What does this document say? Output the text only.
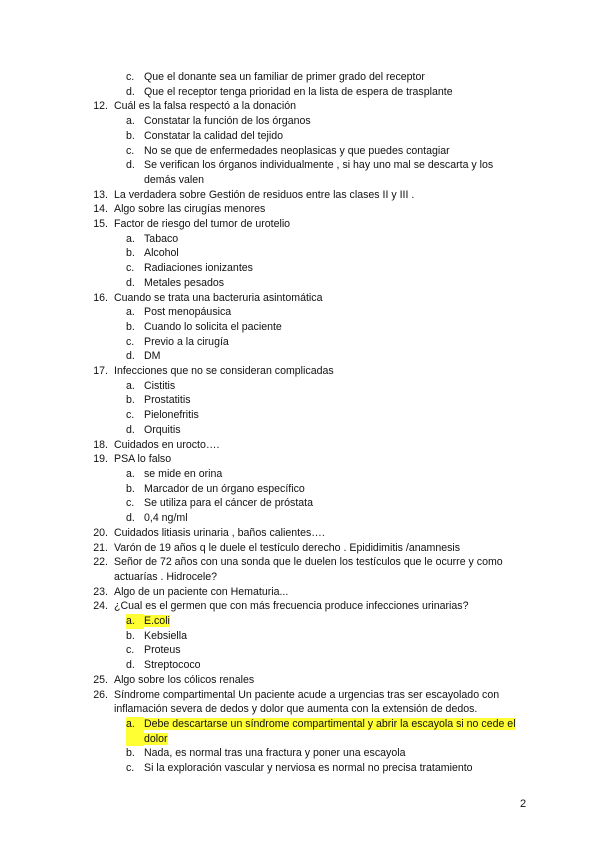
c. Que el donante sea un familiar de primer grado del receptor
d. Que el receptor tenga prioridad en la lista de espera de trasplante
12. Cuál es la falsa respectó a la donación
a. Constatar la función de los órganos
b. Constatar la calidad del tejido
c. No se que de enfermedades neoplasicas y que puedes contagiar
d. Se verifican los órganos individualmente , si hay uno mal se descarta y los demás valen
13. La verdadera sobre Gestión de residuos entre las clases II y III .
14. Algo sobre las cirugías menores
15. Factor de riesgo del tumor de urotelio
a. Tabaco
b. Alcohol
c. Radiaciones ionizantes
d. Metales pesados
16. Cuando se trata una bacteruria asintomática
a. Post menopáusica
b. Cuando lo solicita el paciente
c. Previo a la cirugía
d. DM
17. Infecciones que no se consideran complicadas
a. Cistitis
b. Prostatitis
c. Pielonefritis
d. Orquitis
18. Cuidados en urocto….
19. PSA lo falso
a. se mide en orina
b. Marcador de un órgano específico
c. Se utiliza para el cáncer de próstata
d. 0,4 ng/ml
20. Cuidados litiasis urinaria , baños calientes….
21. Varón de 19 años q le duele el testículo derecho . Epididimitis /anamnesis
22. Señor de 72 años con una sonda que le duelen los testículos que le ocurre y como actuarías . Hidrocele?
23. Algo de un paciente con Hematuria...
24. ¿Cual es el germen que con más frecuencia produce infecciones urinarias?
a. E.coli
b. Kebsiella
c. Proteus
d. Streptococo
25. Algo sobre los cólicos renales
26. Síndrome compartimental Un paciente acude a urgencias tras ser escayolado con inflamación severa de dedos y dolor que aumenta con la extensión de dedos.
a. Debe descartarse un síndrome compartimental y abrir la escayola si no cede el dolor
b. Nada, es normal tras una fractura y poner una escayola
c. Si la exploración vascular y nerviosa es normal no precisa tratamiento
2
